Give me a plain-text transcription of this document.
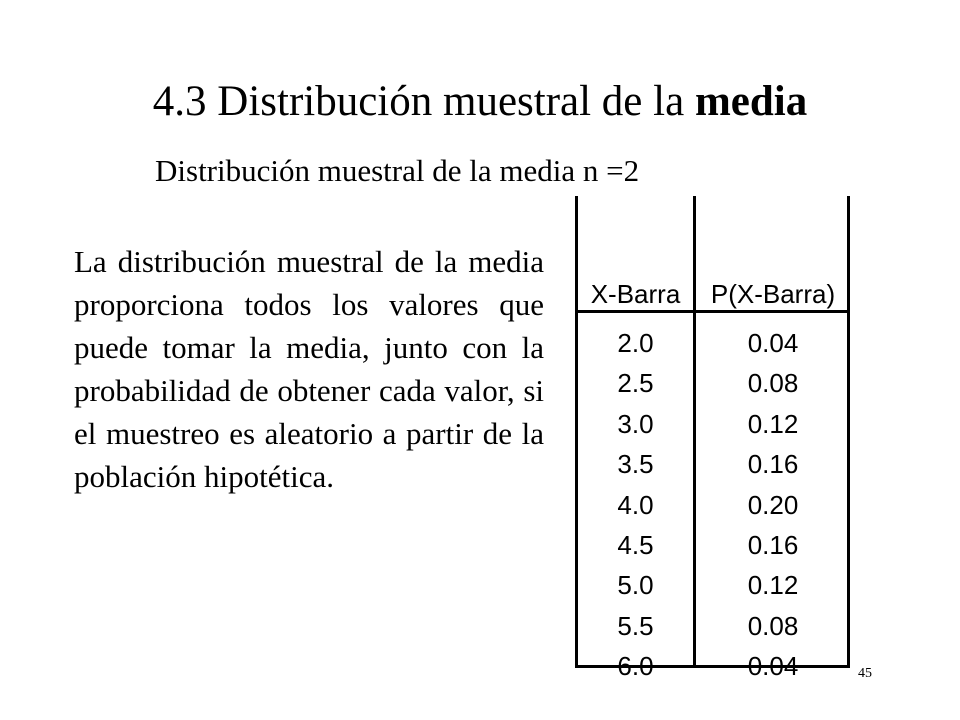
4.3 Distribución muestral de la media
Distribución muestral de la media n =2
La distribución muestral de la media proporciona todos los valores que puede tomar la media, junto con la probabilidad de obtener cada valor, si el muestreo es aleatorio a partir de la población hipotética.
X-Barra	P(X-Barra)
2.0	0.04
2.5	0.08
3.0	0.12
3.5	0.16
4.0	0.20
4.5	0.16
5.0	0.12
5.5	0.08
6.0	0.04	45
